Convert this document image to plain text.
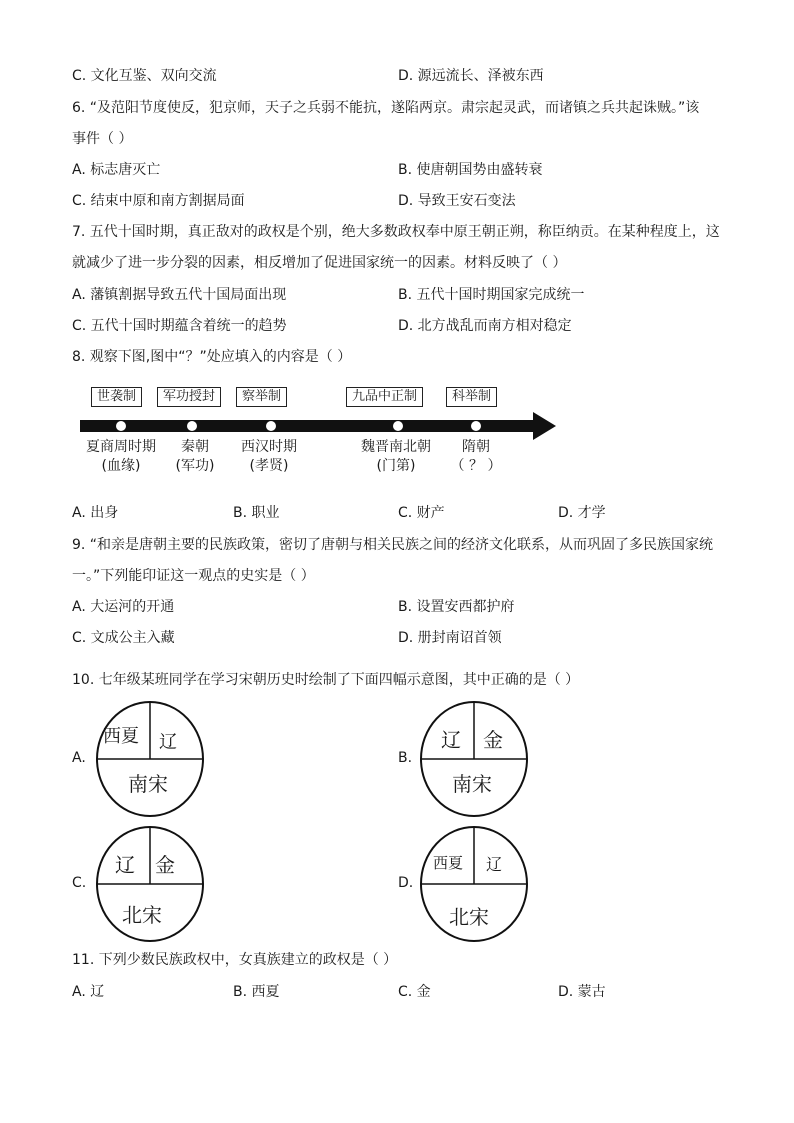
C. 文化互鉴、双向交流	D. 源远流长、泽被东西
6. “及范阳节度使反，犯京师，天子之兵弱不能抗，遂陷两京。肃宗起灵武，而诸镇之兵共起诛贼。”该
事件（ ）
A. 标志唐灭亡	B. 使唐朝国势由盛转衰
C. 结束中原和南方割据局面	D. 导致王安石变法
7. 五代十国时期，真正敌对的政权是个别，绝大多数政权奉中原王朝正朔，称臣纳贡。在某种程度上，这
就减少了进一步分裂的因素，相反增加了促进国家统一的因素。材料反映了（ ）
A. 藩镇割据导致五代十国局面出现	B. 五代十国时期国家完成统一
C. 五代十国时期蕴含着统一的趋势	D. 北方战乱而南方相对稳定
8. 观察下图,图中“？”处应填入的内容是（ ）
世袭制	军功授封	察举制	九品中正制	科举制
夏商周时期
(血缘)
秦朝
(军功)
西汉时期
(孝贤)
魏晋南北朝
(门第)
隋朝
（ ？ ）
A. 出身	B. 职业	C. 财产	D. 才学
9. “和亲是唐朝主要的民族政策，密切了唐朝与相关民族之间的经济文化联系，从而巩固了多民族国家统
一。”下列能印证这一观点的史实是（ ）
A. 大运河的开通	B. 设置安西都护府
C. 文成公主入藏	D. 册封南诏首领
10. 七年级某班同学在学习宋朝历史时绘制了下面四幅示意图，其中正确的是（ ）
A.
西夏 辽
南宋
B.
辽 金
南宋
C.
辽 金
北宋
D.
西夏 辽
北宋
11. 下列少数民族政权中，女真族建立的政权是（ ）
A. 辽	B. 西夏	C. 金	D. 蒙古
